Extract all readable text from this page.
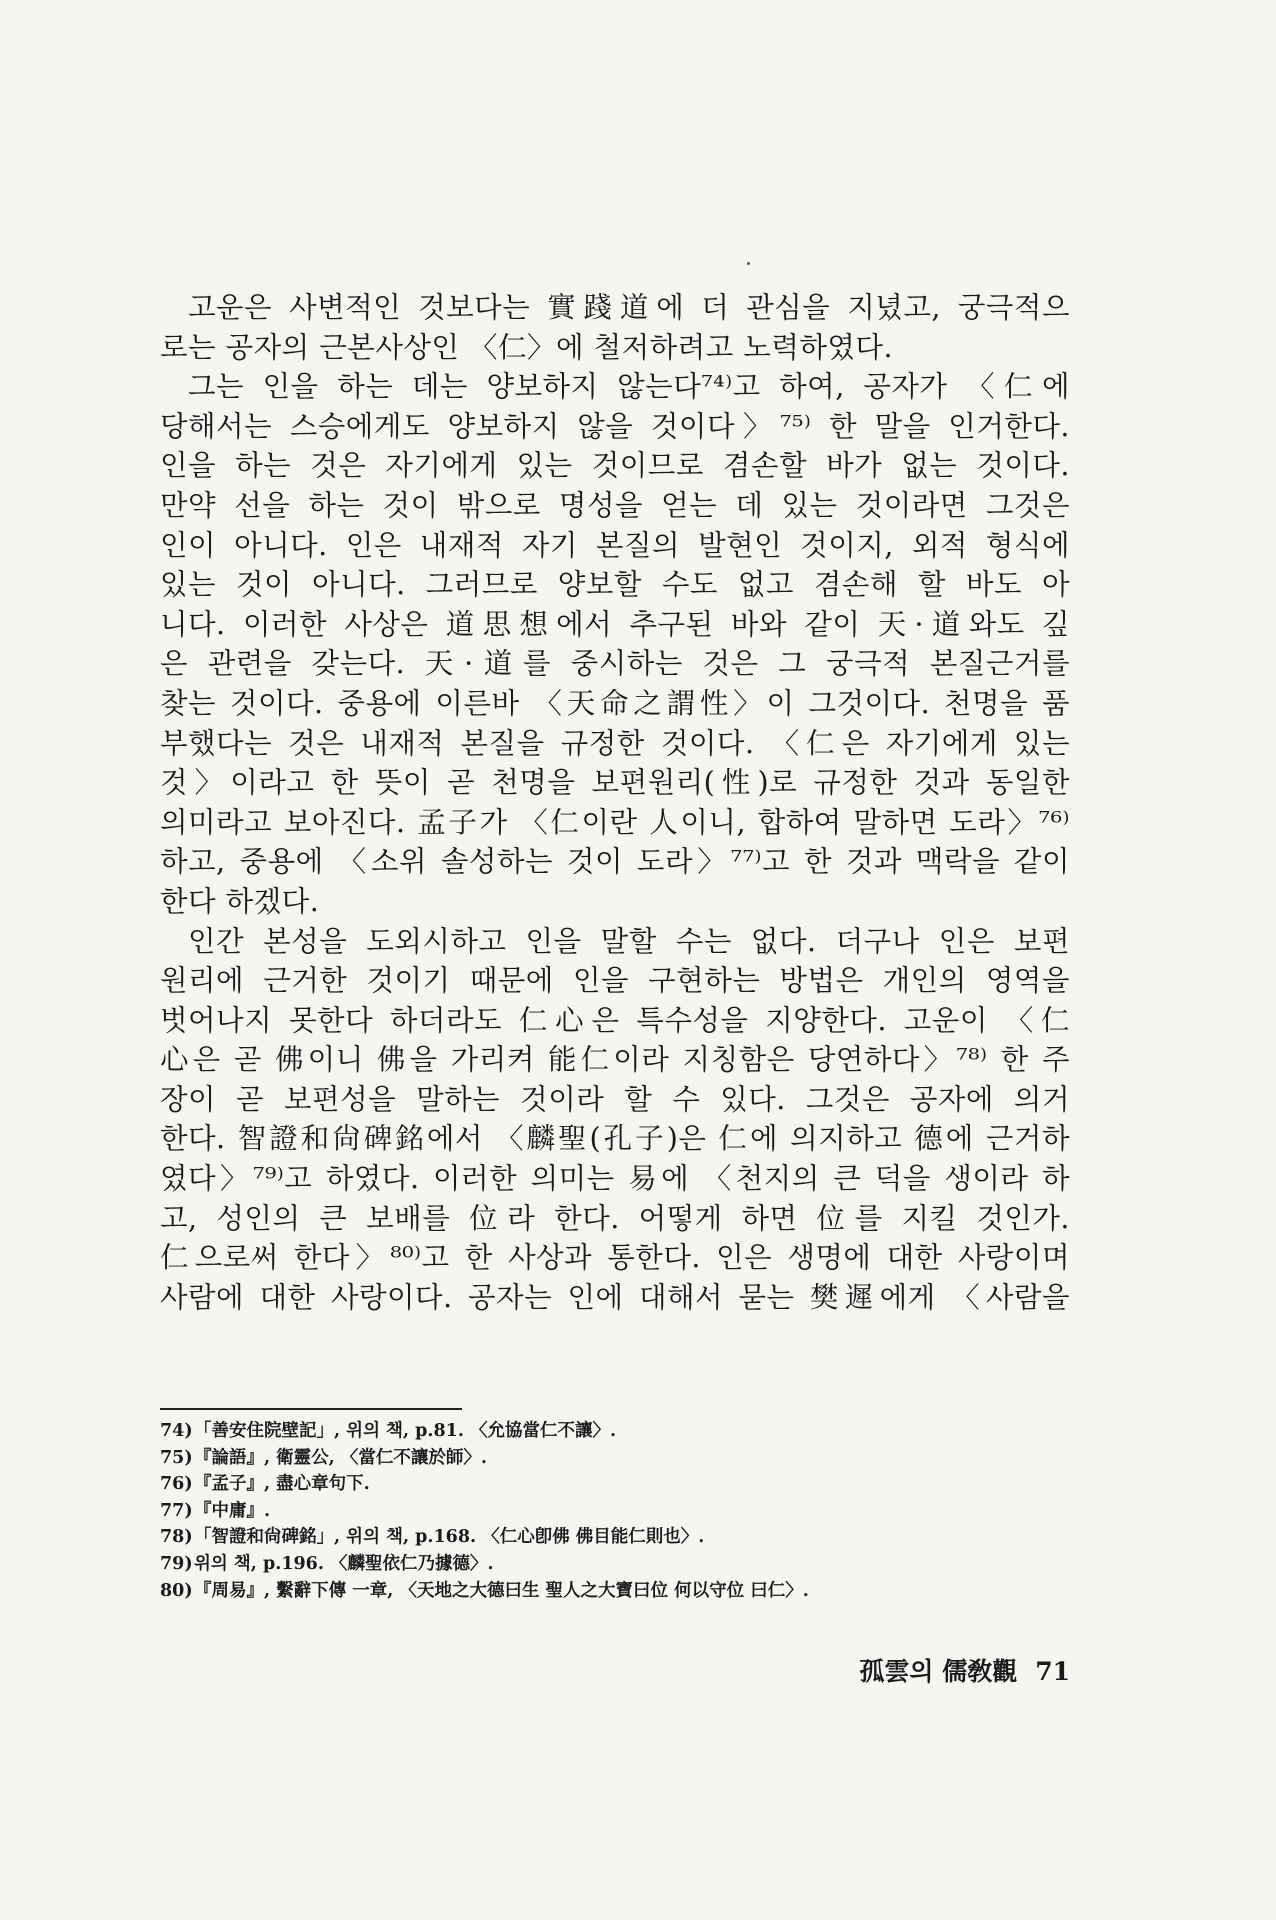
고운은 사변적인 것보다는 實踐道에 더 관심을 지녔고, 궁극적으
로는 공자의 근본사상인 〈仁〉에 철저하려고 노력하였다.
그는 인을 하는 데는 양보하지 않는다⁷⁴⁾고 하여, 공자가 〈仁에
당해서는 스승에게도 양보하지 않을 것이다〉⁷⁵⁾ 한 말을 인거한다.
인을 하는 것은 자기에게 있는 것이므로 겸손할 바가 없는 것이다.
만약 선을 하는 것이 밖으로 명성을 얻는 데 있는 것이라면 그것은
인이 아니다. 인은 내재적 자기 본질의 발현인 것이지, 외적 형식에
있는 것이 아니다. 그러므로 양보할 수도 없고 겸손해 할 바도 아
니다. 이러한 사상은 道思想에서 추구된 바와 같이 天·道와도 깊
은 관련을 갖는다. 天·道를 중시하는 것은 그 궁극적 본질근거를
찾는 것이다. 중용에 이른바 〈天命之謂性〉이 그것이다. 천명을 품
부했다는 것은 내재적 본질을 규정한 것이다. 〈仁은 자기에게 있는
것〉이라고 한 뜻이 곧 천명을 보편원리(性)로 규정한 것과 동일한
의미라고 보아진다. 孟子가 〈仁이란 人이니, 합하여 말하면 도라〉⁷⁶⁾
하고, 중용에 〈소위 솔성하는 것이 도라〉⁷⁷⁾고 한 것과 맥락을 같이
한다 하겠다.
인간 본성을 도외시하고 인을 말할 수는 없다. 더구나 인은 보편
원리에 근거한 것이기 때문에 인을 구현하는 방법은 개인의 영역을
벗어나지 못한다 하더라도 仁心은 특수성을 지양한다. 고운이 〈仁
心은 곧 佛이니 佛을 가리켜 能仁이라 지칭함은 당연하다〉⁷⁸⁾ 한 주
장이 곧 보편성을 말하는 것이라 할 수 있다. 그것은 공자에 의거
한다. 智證和尙碑銘에서 〈麟聖(孔子)은 仁에 의지하고 德에 근거하
였다〉⁷⁹⁾고 하였다. 이러한 의미는 易에 〈천지의 큰 덕을 생이라 하
고, 성인의 큰 보배를 位라 한다. 어떻게 하면 位를 지킬 것인가.
仁으로써 한다〉⁸⁰⁾고 한 사상과 통한다. 인은 생명에 대한 사랑이며
사람에 대한 사랑이다. 공자는 인에 대해서 묻는 樊遲에게 〈사람을
74)「善安住院壁記」, 위의 책, p.81. 〈允協當仁不讓〉.
75)『論語』, 衛靈公, 〈當仁不讓於師〉.
76)『孟子』, 盡心章句下.
77)『中庸』.
78)「智證和尙碑銘」, 위의 책, p.168. 〈仁心卽佛 佛目能仁則也〉.
79)위의 책, p.196. 〈麟聖依仁乃據德〉.
80)『周易』, 繫辭下傳 一章, 〈天地之大德曰生 聖人之大寶曰位 何以守位 曰仁〉.
孤雲의 儒敎觀 71
